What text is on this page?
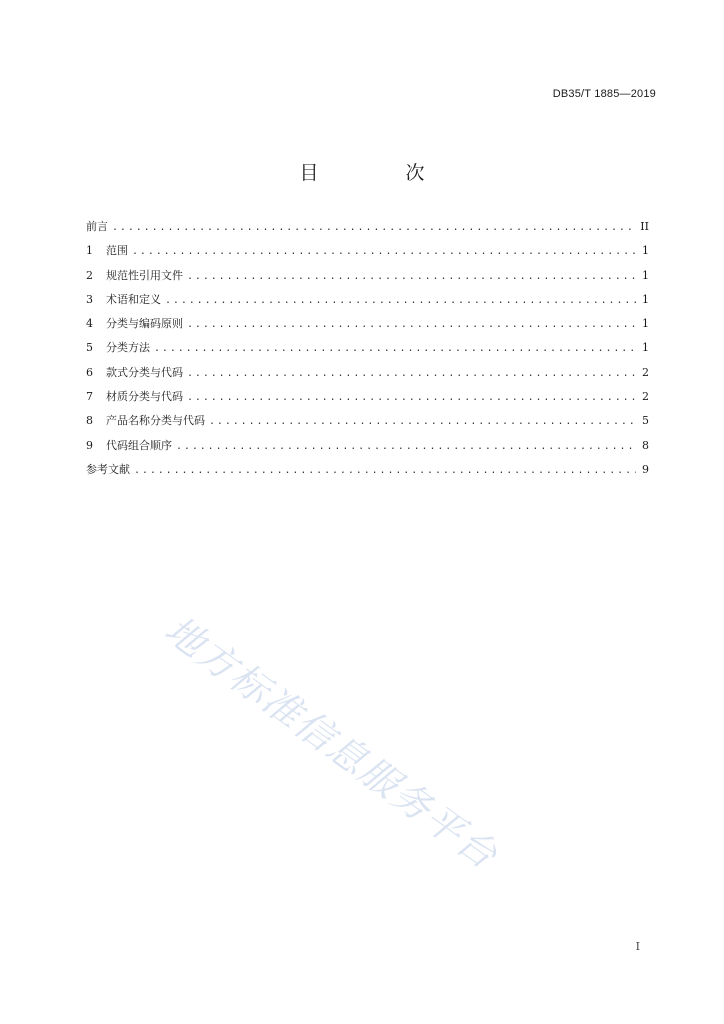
DB35/T 1885—2019
目　次
前言 .....	II
1	范围 .....	1
2	规范性引用文件 .....	1
3	术语和定义 .....	1
4	分类与编码原则 .....	1
5	分类方法 .....	1
6	款式分类与代码 .....	2
7	材质分类与代码 .....	2
8	产品名称分类与代码 .....	5
9	代码组合顺序 .....	8
参考文献 .....	9
地方标准信息服务平台
I
